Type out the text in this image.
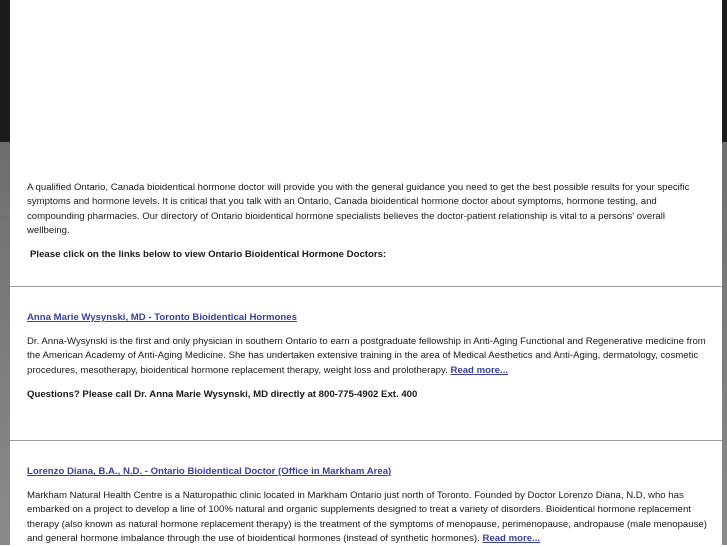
A qualified Ontario, Canada bioidentical hormone doctor will provide you with the general guidance you need to get the best possible results for your specific symptoms and hormone levels. It is critical that you talk with an Ontario, Canada bioidentical hormone doctor about symptoms, hormone testing, and compounding pharmacies. Our directory of Ontario bioidentical hormone specialists believes the doctor-patient relationship is vital to a persons' overall wellbeing.

Please click on the links below to view Ontario Bioidentical Hormone Doctors:

Anna Marie Wysynski, MD - Toronto Bioidentical Hormones

Dr. Anna-Wysynski is the first and only physician in southern Ontario to earn a postgraduate fellowship in Anti-Aging Functional and Regenerative medicine from the American Academy of Anti-Aging Medicine. She has undertaken extensive training in the area of Medical Aesthetics and Anti-Aging, dermatology, cosmetic procedures, mesotherapy, bioidentical hormone replacement therapy, weight loss and prolotherapy. Read more...

Questions? Please call Dr. Anna Marie Wysynski, MD directly at 800-775-4902 Ext. 400

Lorenzo Diana, B.A., N.D. - Ontario Bioidentical Doctor (Office in Markham Area)

Markham Natural Health Centre is a Naturopathic clinic located in Markham Ontario just north of Toronto. Founded by Doctor Lorenzo Diana, N.D, who has embarked on a project to develop a line of 100% natural and organic supplements designed to treat a variety of disorders. Bioidentical hormone replacement therapy (also known as natural hormone replacement therapy) is the treatment of the symptoms of menopause, perimenopause, andropause (male menopause) and general hormone imbalance through the use of bioidentical hormones (instead of synthetic hormones). Read more...
